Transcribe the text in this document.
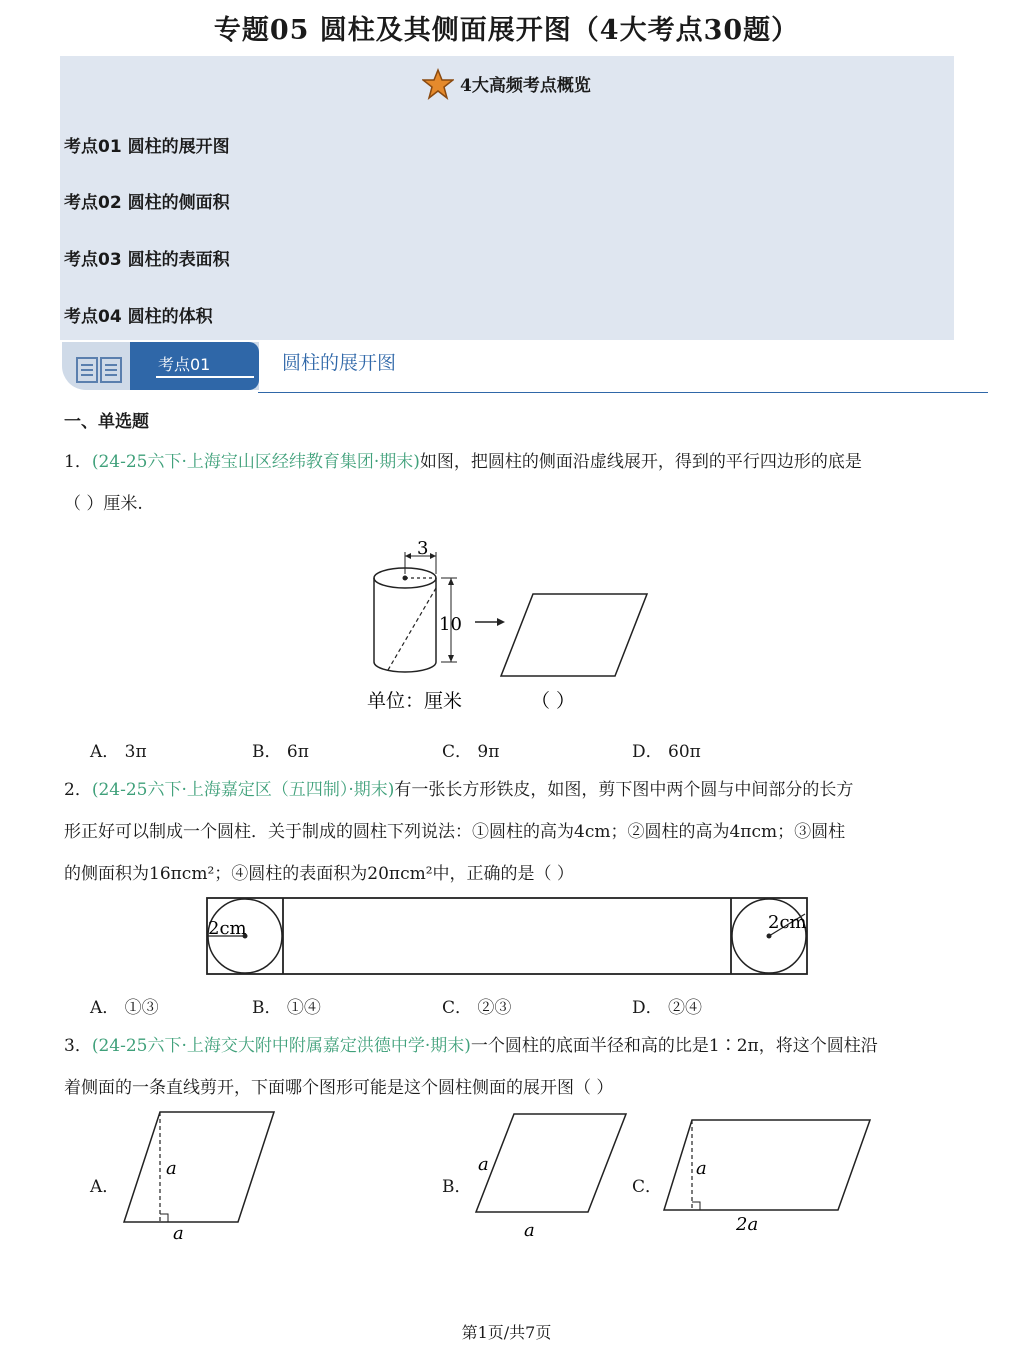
专题05 圆柱及其侧面展开图（4大考点30题）
4大高频考点概览
考点01 圆柱的展开图
考点02 圆柱的侧面积
考点03 圆柱的表面积
考点04 圆柱的体积
考点01	圆柱的展开图
一、单选题
1．(24-25六下·上海宝山区经纬教育集团·期末)如图，把圆柱的侧面沿虚线展开，得到的平行四边形的底是
（ ）厘米.
3
10
单位：厘米	（ ）
A． 3π	B． 6π	C． 9π	D． 60π
2．(24-25六下·上海嘉定区（五四制）·期末)有一张长方形铁皮，如图，剪下图中两个圆与中间部分的长方
形正好可以制成一个圆柱．关于制成的圆柱下列说法：①圆柱的高为4cm；②圆柱的高为4πcm；③圆柱
的侧面积为16πcm²；④圆柱的表面积为20πcm²中，正确的是（ ）
2cm	2cm
A． ①③	B． ①④	C． ②③	D． ②④
3．(24-25六下·上海交大附中附属嘉定洪德中学·期末)一个圆柱的底面半径和高的比是1∶2π，将这个圆柱沿
着侧面的一条直线剪开，下面哪个图形可能是这个圆柱侧面的展开图（ ）
A．
a
a
B．
a
a
C．
a
2a
第1页/共7页
